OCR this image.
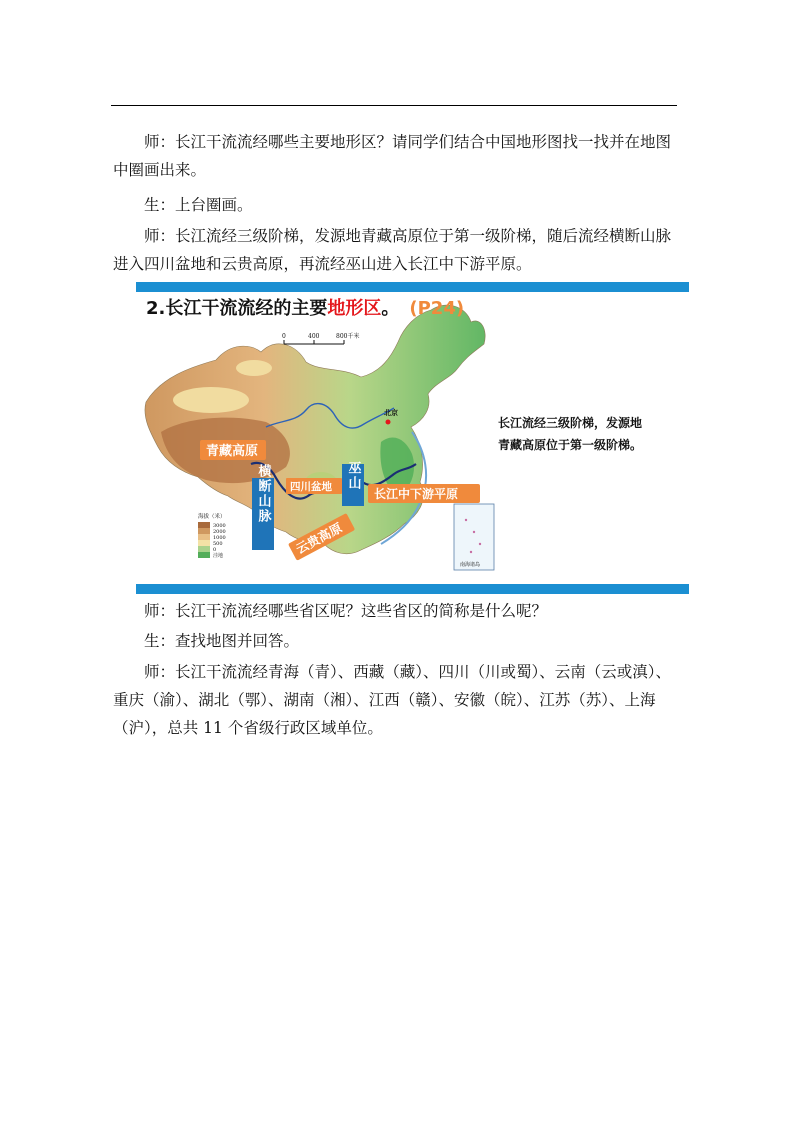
师：长江干流流经哪些主要地形区？请同学们结合中国地形图找一找并在地图
中圈画出来。
生：上台圈画。
师：长江流经三级阶梯，发源地青藏高原位于第一级阶梯，随后流经横断山脉
进入四川盆地和云贵高原，再流经巫山进入长江中下游平原。
北京
0	400	800千米
青藏高原
横断山脉 四川盆地 巫山
长江中下游平原
云贵高原
海拔（米）
3000
2000
1000
500
0
洼地
南海诸岛
2.长江干流流经的主要地形区。 (P24)
长江流经三级阶梯，发源地
青藏高原位于第一级阶梯。
师：长江干流流经哪些省区呢？这些省区的简称是什么呢？
生：查找地图并回答。
师：长江干流流经青海（青）、西藏（藏）、四川（川或蜀）、云南（云或滇）、
重庆（渝）、湖北（鄂）、湖南（湘）、江西（赣）、安徽（皖）、江苏（苏）、上海
（沪），总共 11 个省级行政区域单位。
